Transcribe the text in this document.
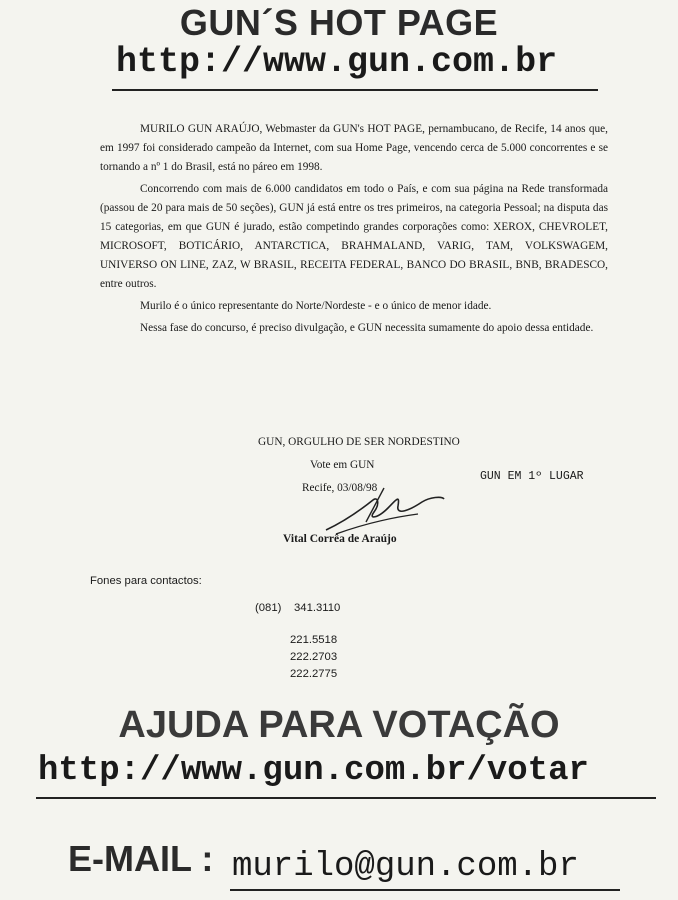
GUN´S HOT PAGE
http://www.gun.com.br

MURILO GUN ARAÚJO, Webmaster da GUN's HOT PAGE, pernambucano, de Recife, 14 anos que, em 1997 foi considerado campeão da Internet, com sua Home Page, vencendo cerca de 5.000 concorrentes e se tornando a nº 1 do Brasil, está no páreo em 1998.

Concorrendo com mais de 6.000 candidatos em todo o País, e com sua página na Rede transformada (passou de 20 para mais de 50 seções), GUN já está entre os tres primeiros, na categoria Pessoal; na disputa das 15 categorias, em que GUN é jurado, estão competindo grandes corporações como: XEROX, CHEVROLET, MICROSOFT, BOTICÁRIO, ANTARCTICA, BRAHMALAND, VARIG, TAM, VOLKSWAGEM, UNIVERSO ON LINE, ZAZ, W BRASIL, RECEITA FEDERAL, BANCO DO BRASIL, BNB, BRADESCO, entre outros.

Murilo é o único representante do Norte/Nordeste - e o único de menor idade.

Nessa fase do concurso, é preciso divulgação, e GUN necessita sumamente do apoio dessa entidade.

GUN, ORGULHO DE SER NORDESTINO
Vote em GUN
Recife, 03/08/98
GUN EM 1º LUGAR
Vital Corrêa de Araújo
Fones para contactos:
(081) 341.3110
221.5518
222.2703
222.2775
AJUDA PARA VOTAÇÃO
http://www.gun.com.br/votar
E-MAIL : murilo@gun.com.br
